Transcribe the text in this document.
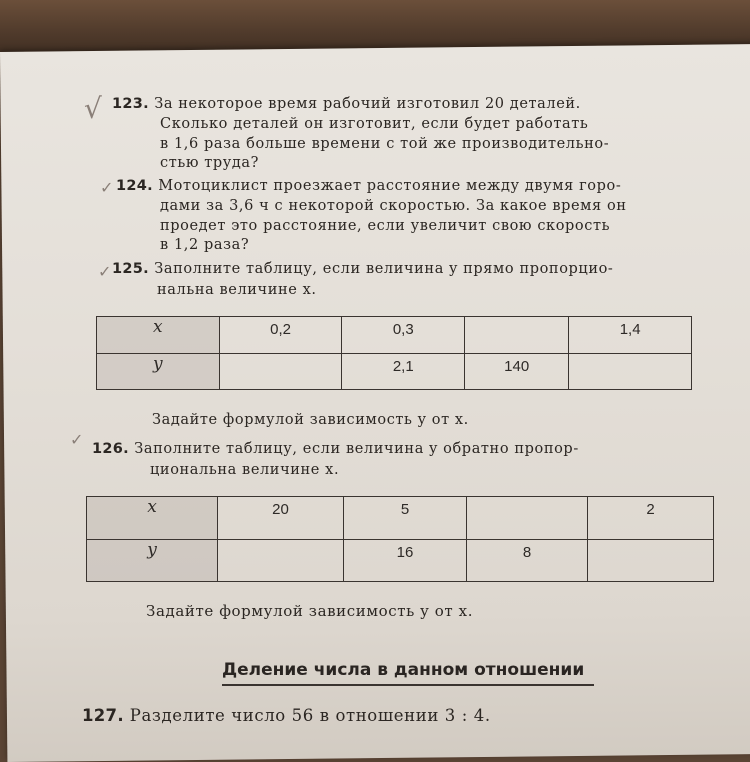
√ 123. За некоторое время рабочий изготовил 20 деталей.
Сколько деталей он изготовит, если будет работать
в 1,6 раза больше времени с той же производительно-
стью труда?
✓ 124. Мотоциклист проезжает расстояние между двумя горо-
дами за 3,6 ч с некоторой скоростью. За какое время он
проедет это расстояние, если увеличит свою скорость
в 1,2 раза?
✓ 125. Заполните таблицу, если величина y прямо пропорцио-
нальна величине x.
x	0,2	0,3		1,4
y		2,1	140	
Задайте формулой зависимость y от x.
✓ 126. Заполните таблицу, если величина y обратно пропор-
циональна величине x.
x	20	5		2
y		16	8	
Задайте формулой зависимость y от x.
Деление числа в данном отношении
127. Разделите число 56 в отношении 3 : 4.
